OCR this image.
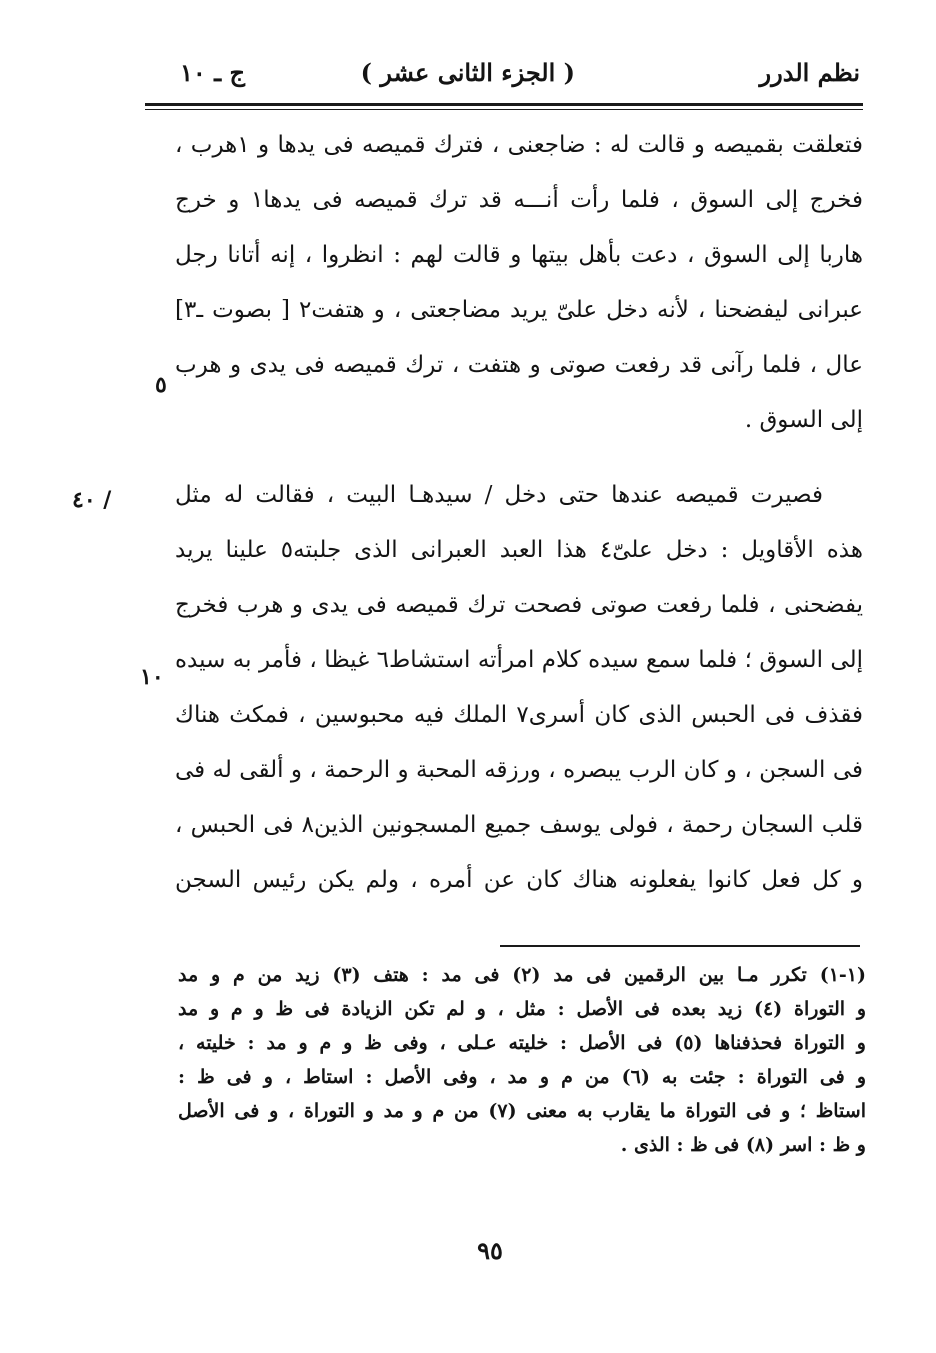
نظم الدرر
( الجزء الثانى عشر )
ج ـ ١٠
فتعلقت بقميصه و قالت له : ضاجعنى ، فترك قميصه فى يدها و ١هرب ،
فخرج إلى السوق ، فلما رأت أنـــه قد ترك قميصه فى يدها١ و خرج
هاربا إلى السوق ، دعت بأهل بيتها و قالت لهم : انظروا ، إنه أتانا رجل
عبرانى ليفضحنا ، لأنه دخل علىّ يريد مضاجعتى ، و هتفت٢ [ بصوت ـ٣]
عال ، فلما رآنى قد رفعت صوتى و هتفت ، ترك قميصه فى يدى و هرب
إلى السوق .
فصيرت قميصه عندها حتى دخل / سيدهـا البيت ، فقالت له مثل
هذه الأقاويل : دخل علىّ٤ هذا العبد العبرانى الذى جلبته٥ علينا يريد
يفضحنى ، فلما رفعت صوتى فصحت ترك قميصه فى يدى و هرب فخرج
إلى السوق ؛ فلما سمع سيده كلام امرأته استشاط٦ غيظا ، فأمر به سيده
فقذف فى الحبس الذى كان أسرى٧ الملك فيه محبوسين ، فمكث هناك
فى السجن ، و كان الرب يبصره ، ورزقه المحبة و الرحمة ، و ألقى له فى
قلب السجان رحمة ، فولى يوسف جميع المسجونين الذين٨ فى الحبس ،
و كل فعل كانوا يفعلونه هناك كان عن أمره ، ولم يكن رئيس السجن
٥
/ ٤٠
١٠
(١-١) تكرر مـا بين الرقمين فى مد (٢) فى مد : هتف (٣) زيد من م و مد
و التوراة (٤) زيد بعده فى الأصل : مثل ، و لم تكن الزيادة فى ظ و م و مد
و التوراة فحذفناها (٥) فى الأصل : خليته عـلى ، وفى ظ و م و مد : خليته ،
و فى التوراة : جئت به (٦) من م و مد ، وفى الأصل : استاط ، و فى ظ :
استاظ ؛ و فى التوراة ما يقارب به معنى (٧) من م و مد و التوراة ، و فى الأصل
و ظ : اسر (٨) فى ظ : الذى .
٩٥
